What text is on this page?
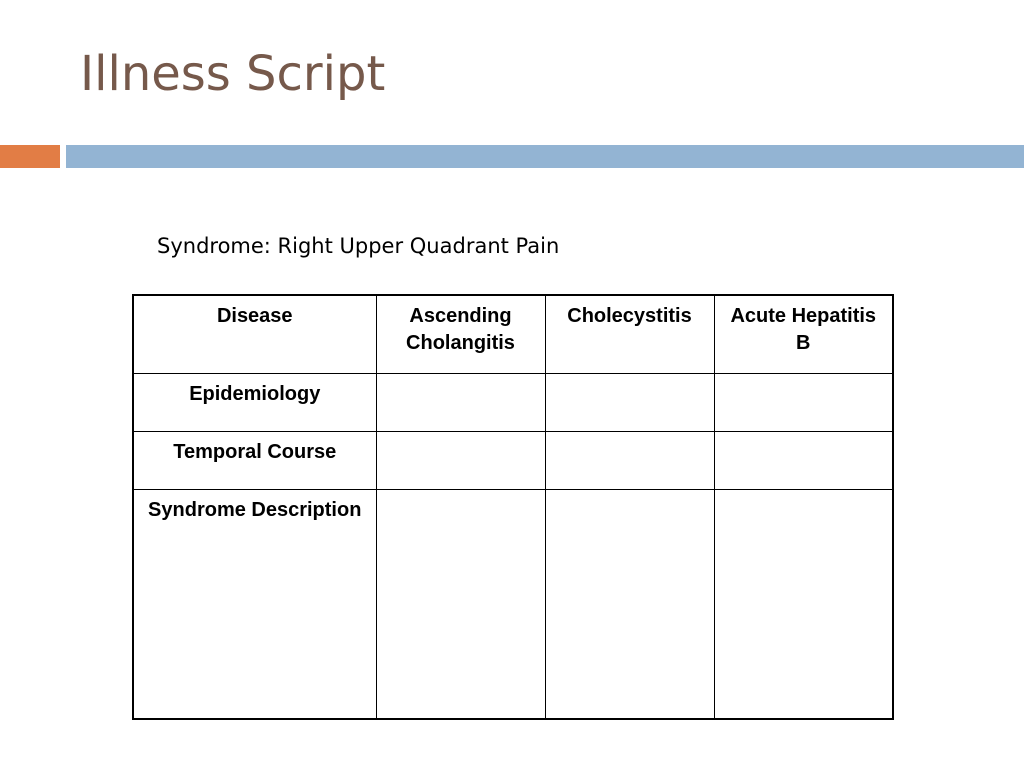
Illness Script
Syndrome: Right Upper Quadrant Pain
Disease	Ascending Cholangitis	Cholecystitis	Acute Hepatitis B
Epidemiology			
Temporal Course			
Syndrome Description			
